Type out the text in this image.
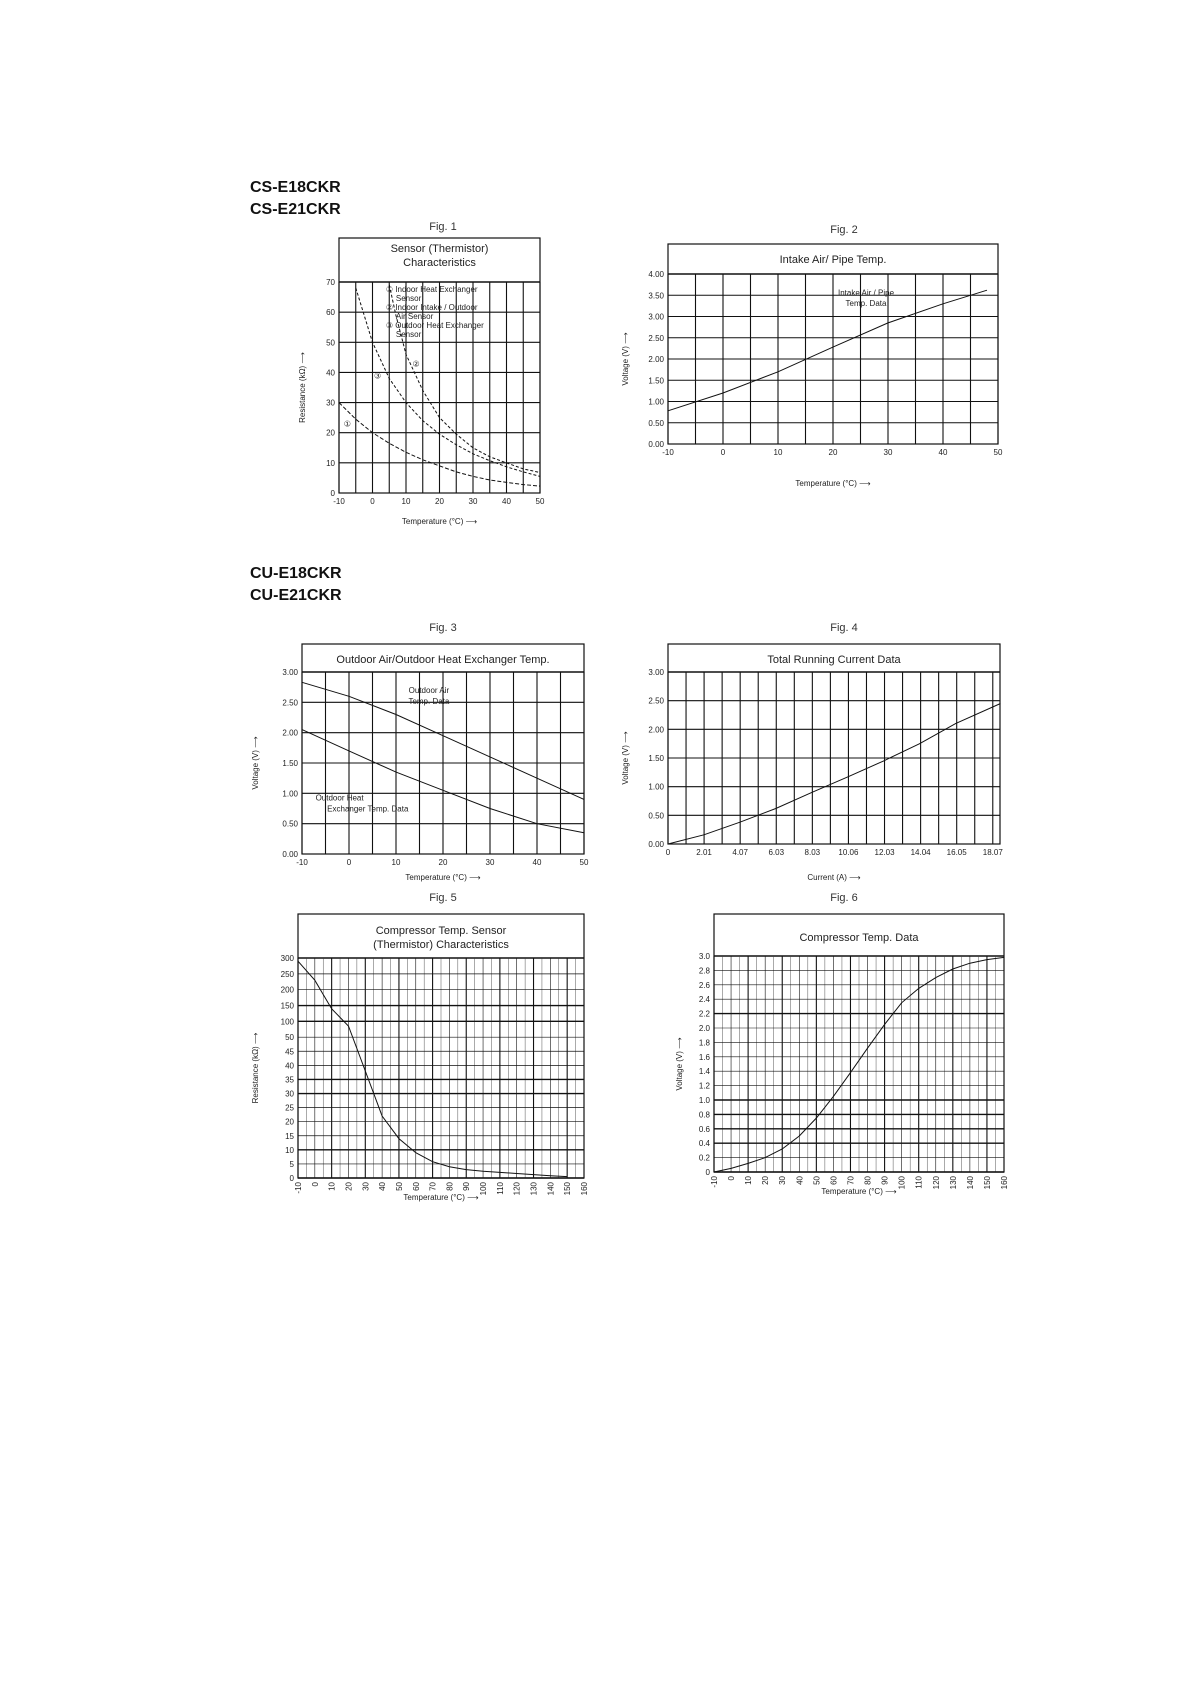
CS-E18CKR
CS-E21CKR
CU-E18CKR
CU-E21CKR
Fig. 1	Fig. 2
Fig. 3	Fig. 4
Fig. 5	Fig. 6
Sensor (Thermistor)
Characteristics
-10	0	10	20	30	40	50
0
10
20
30
40
50
60
70
①
②
③
① Indoor Heat Exchanger
Sensor
② Indoor Intake / Outdoor
Air Sensor
③ Outdoor Heat Exchanger
Sensor
Temperature (°C) ⟶
Resistance (kΩ) ⟶
Intake Air/ Pipe Temp.
-10	0	10	20	30	40	50
0.00
0.50
1.00
1.50
2.00
2.50
3.00
3.50
4.00
Intake Air / Pipe
Temp. Data
Temperature (°C) ⟶
Voltage (V) ⟶
Outdoor Air/Outdoor Heat Exchanger Temp.
-10	0	10	20	30	40	50
0.00
0.50
1.00
1.50
2.00
2.50
3.00
Outdoor Air
Temp. Data
Outdoor Heat
Exchanger Temp. Data
Temperature (°C) ⟶
Voltage (V) ⟶
Total Running Current Data
0	2.01	4.07	6.03	8.03 10.06 12.03 14.04 16.05 18.07
0.00
0.50
1.00
1.50
2.00
2.50
3.00
Current (A) ⟶
Voltage (V) ⟶
Compressor Temp. Sensor
(Thermistor) Characteristics
-10 0 10 20 30 40 50 60 70 80 90 100 110 120 130 140 150 160
0
5
10
15
20
25
30
35
40
45
50
100
150
200
250
300
Temperature (°C) ⟶
Resistance (kΩ) ⟶
Compressor Temp. Data
-10 0 10 20 30 40 50 60 70 80 90 100 110 120 130 140 150 160
0
0.2
0.4
0.6
0.8
1.0
1.2
1.4
1.6
1.8
2.0
2.2
2.4
2.6
2.8
3.0
Temperature (°C) ⟶
Voltage (V) ⟶
